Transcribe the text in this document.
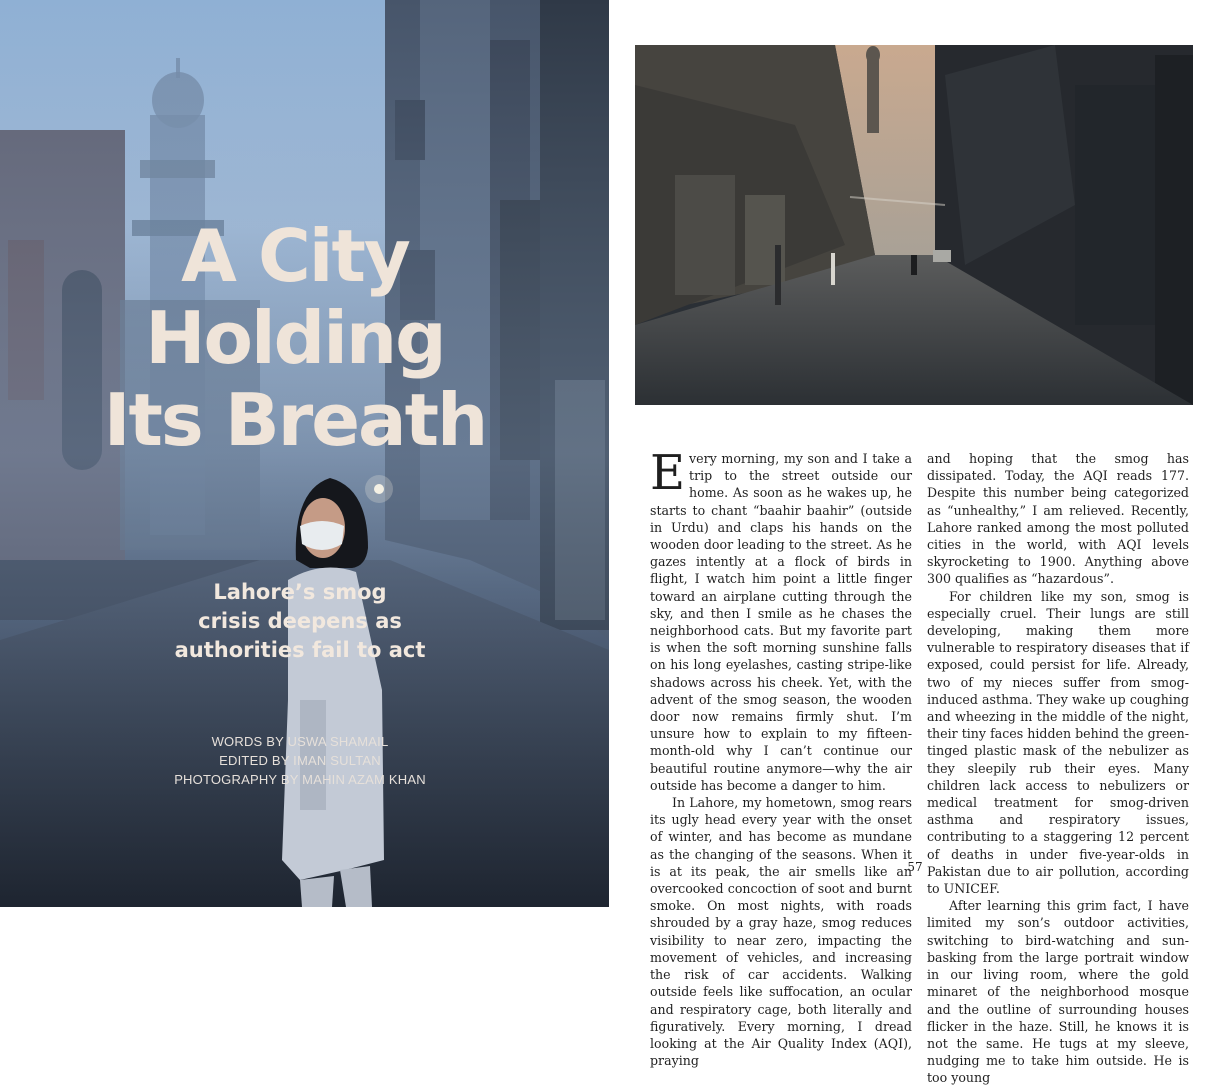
A City
Holding
Its Breath
Lahore’s smog
crisis deepens as
authorities fail to act
WORDS BY USWA SHAMAIL
EDITED BY IMAN SULTAN
PHOTOGRAPHY BY MAHIN AZAM KHAN

Every morning, my son and I take a trip to the street outside our home. As soon as he wakes up, he starts to chant “baahir baahir” (outside in Urdu) and claps his hands on the wooden door leading to the street. As he gazes intently at a flock of birds in flight, I watch him point a little finger toward an airplane cutting through the sky, and then I smile as he chases the neighborhood cats. But my favorite part is when the soft morning sunshine falls on his long eyelashes, casting stripe-like shadows across his cheek. Yet, with the advent of the smog season, the wooden door now remains firmly shut. I’m unsure how to explain to my fifteen-month-old why I can’t continue our beautiful routine anymore—why the air outside has become a danger to him.

In Lahore, my hometown, smog rears its ugly head every year with the onset of winter, and has become as mundane as the changing of the seasons. When it is at its peak, the air smells like an overcooked concoction of soot and burnt smoke. On most nights, with roads shrouded by a gray haze, smog reduces visibility to near zero, impacting the movement of vehicles, and increasing the risk of car accidents. Walking outside feels like suffocation, an ocular and respiratory cage, both literally and figuratively. Every morning, I dread looking at the Air Quality Index (AQI), praying

and hoping that the smog has dissipated. Today, the AQI reads 177. Despite this number being categorized as “unhealthy,” I am relieved. Recently, Lahore ranked among the most polluted cities in the world, with AQI levels skyrocketing to 1900. Anything above 300 qualifies as “hazardous”.

For children like my son, smog is especially cruel. Their lungs are still developing, making them more vulnerable to respiratory diseases that if exposed, could persist for life. Already, two of my nieces suffer from smog-induced asthma. They wake up coughing and wheezing in the middle of the night, their tiny faces hidden behind the green-tinged plastic mask of the nebulizer as they sleepily rub their eyes. Many children lack access to nebulizers or medical treatment for smog-driven asthma and respiratory issues, contributing to a staggering 12 percent of deaths in under five-year-olds in Pakistan due to air pollution, according to UNICEF.

After learning this grim fact, I have limited my son’s outdoor activities, switching to bird-watching and sun-basking from the large portrait window in our living room, where the gold minaret of the neighborhood mosque and the outline of surrounding houses flicker in the haze. Still, he knows it is not the same. He tugs at my sleeve, nudging me to take him outside. He is too young

57
